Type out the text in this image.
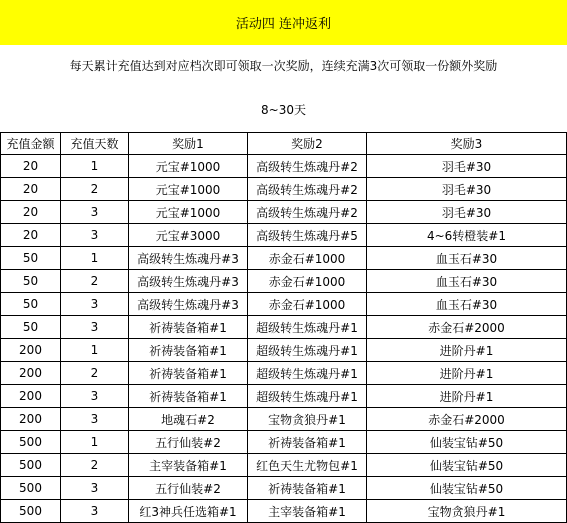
活动四 连冲返利
每天累计充值达到对应档次即可领取一次奖励，连续充满3次可领取一份额外奖励
8~30天
充值金额	充值天数	奖励1	奖励2	奖励3
20	1	元宝#1000	高级转生炼魂丹#2	羽毛#30
20	2	元宝#1000	高级转生炼魂丹#2	羽毛#30
20	3	元宝#1000	高级转生炼魂丹#2	羽毛#30
20	3	元宝#3000	高级转生炼魂丹#5	4~6转橙装#1
50	1	高级转生炼魂丹#3	赤金石#1000	血玉石#30
50	2	高级转生炼魂丹#3	赤金石#1000	血玉石#30
50	3	高级转生炼魂丹#3	赤金石#1000	血玉石#30
50	3	祈祷装备箱#1	超级转生炼魂丹#1	赤金石#2000
200	1	祈祷装备箱#1	超级转生炼魂丹#1	进阶丹#1
200	2	祈祷装备箱#1	超级转生炼魂丹#1	进阶丹#1
200	3	祈祷装备箱#1	超级转生炼魂丹#1	进阶丹#1
200	3	地魂石#2	宝物贪狼丹#1	赤金石#2000
500	1	五行仙装#2	祈祷装备箱#1	仙装宝钻#50
500	2	主宰装备箱#1	红色天生尤物包#1	仙装宝钻#50
500	3	五行仙装#2	祈祷装备箱#1	仙装宝钻#50
500	3	红3神兵任选箱#1	主宰装备箱#1	宝物贪狼丹#1
